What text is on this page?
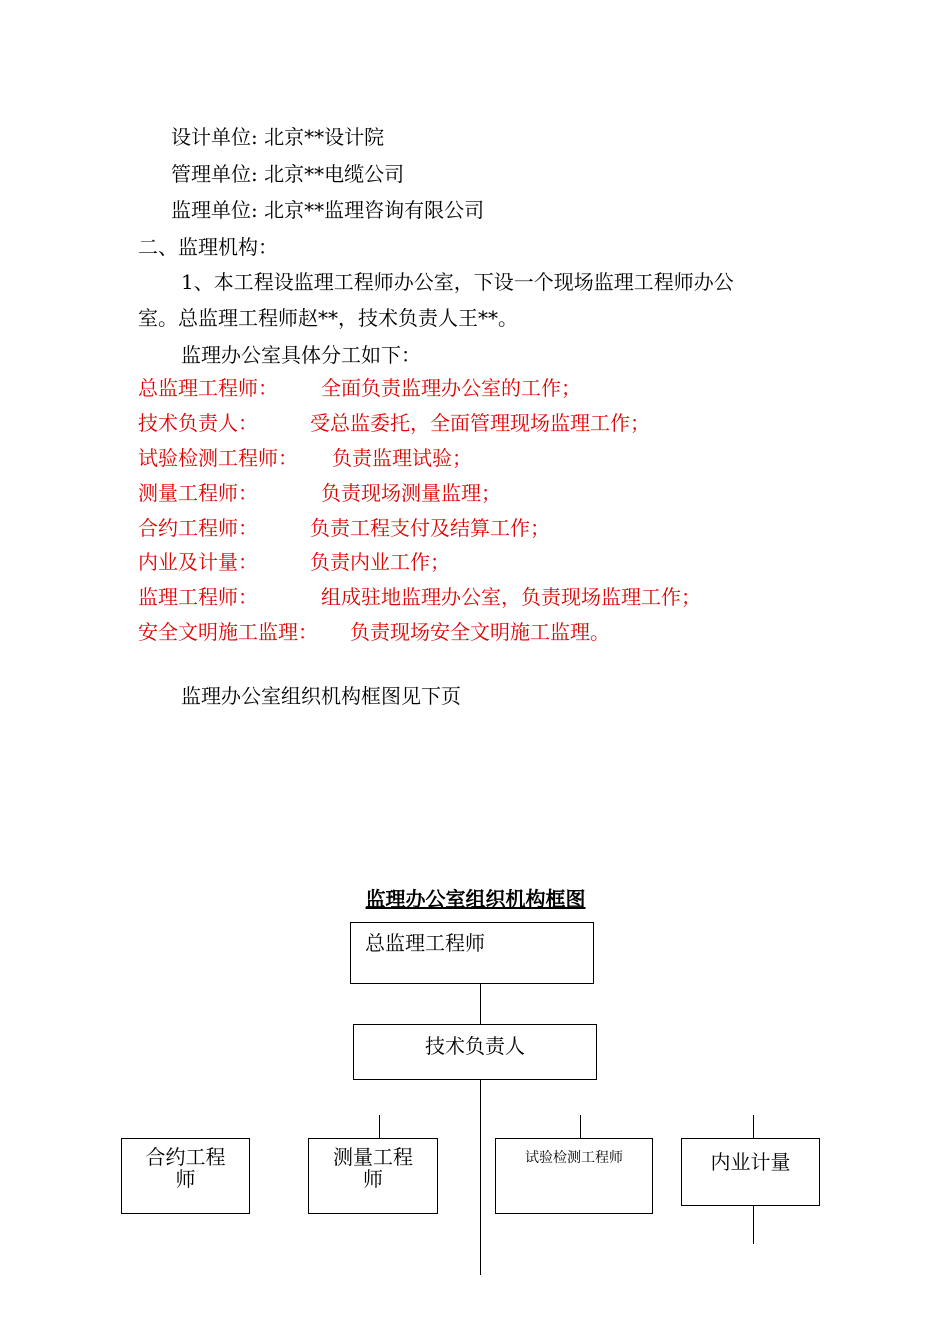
设计单位: 北京**设计院
管理单位: 北京**电缆公司
监理单位: 北京**监理咨询有限公司
二、监理机构：
1、本工程设监理工程师办公室，下设一个现场监理工程师办公
室。总监理工程师赵**，技术负责人王**。
监理办公室具体分工如下：
总监理工程师： 全面负责监理办公室的工作；
技术负责人：	受总监委托，全面管理现场监理工作；
试验检测工程师： 负责监理试验；
测量工程师：	负责现场测量监理；
合约工程师：	负责工程支付及结算工作；
内业及计量：	负责内业工作；
监理工程师：	组成驻地监理办公室，负责现场监理工作；
安全文明施工监理： 负责现场安全文明施工监理。
监理办公室组织机构框图见下页
监理办公室组织机构框图
总监理工程师
技术负责人
合约工程
师
测量工程
师
试验检测工程师	内业计量
